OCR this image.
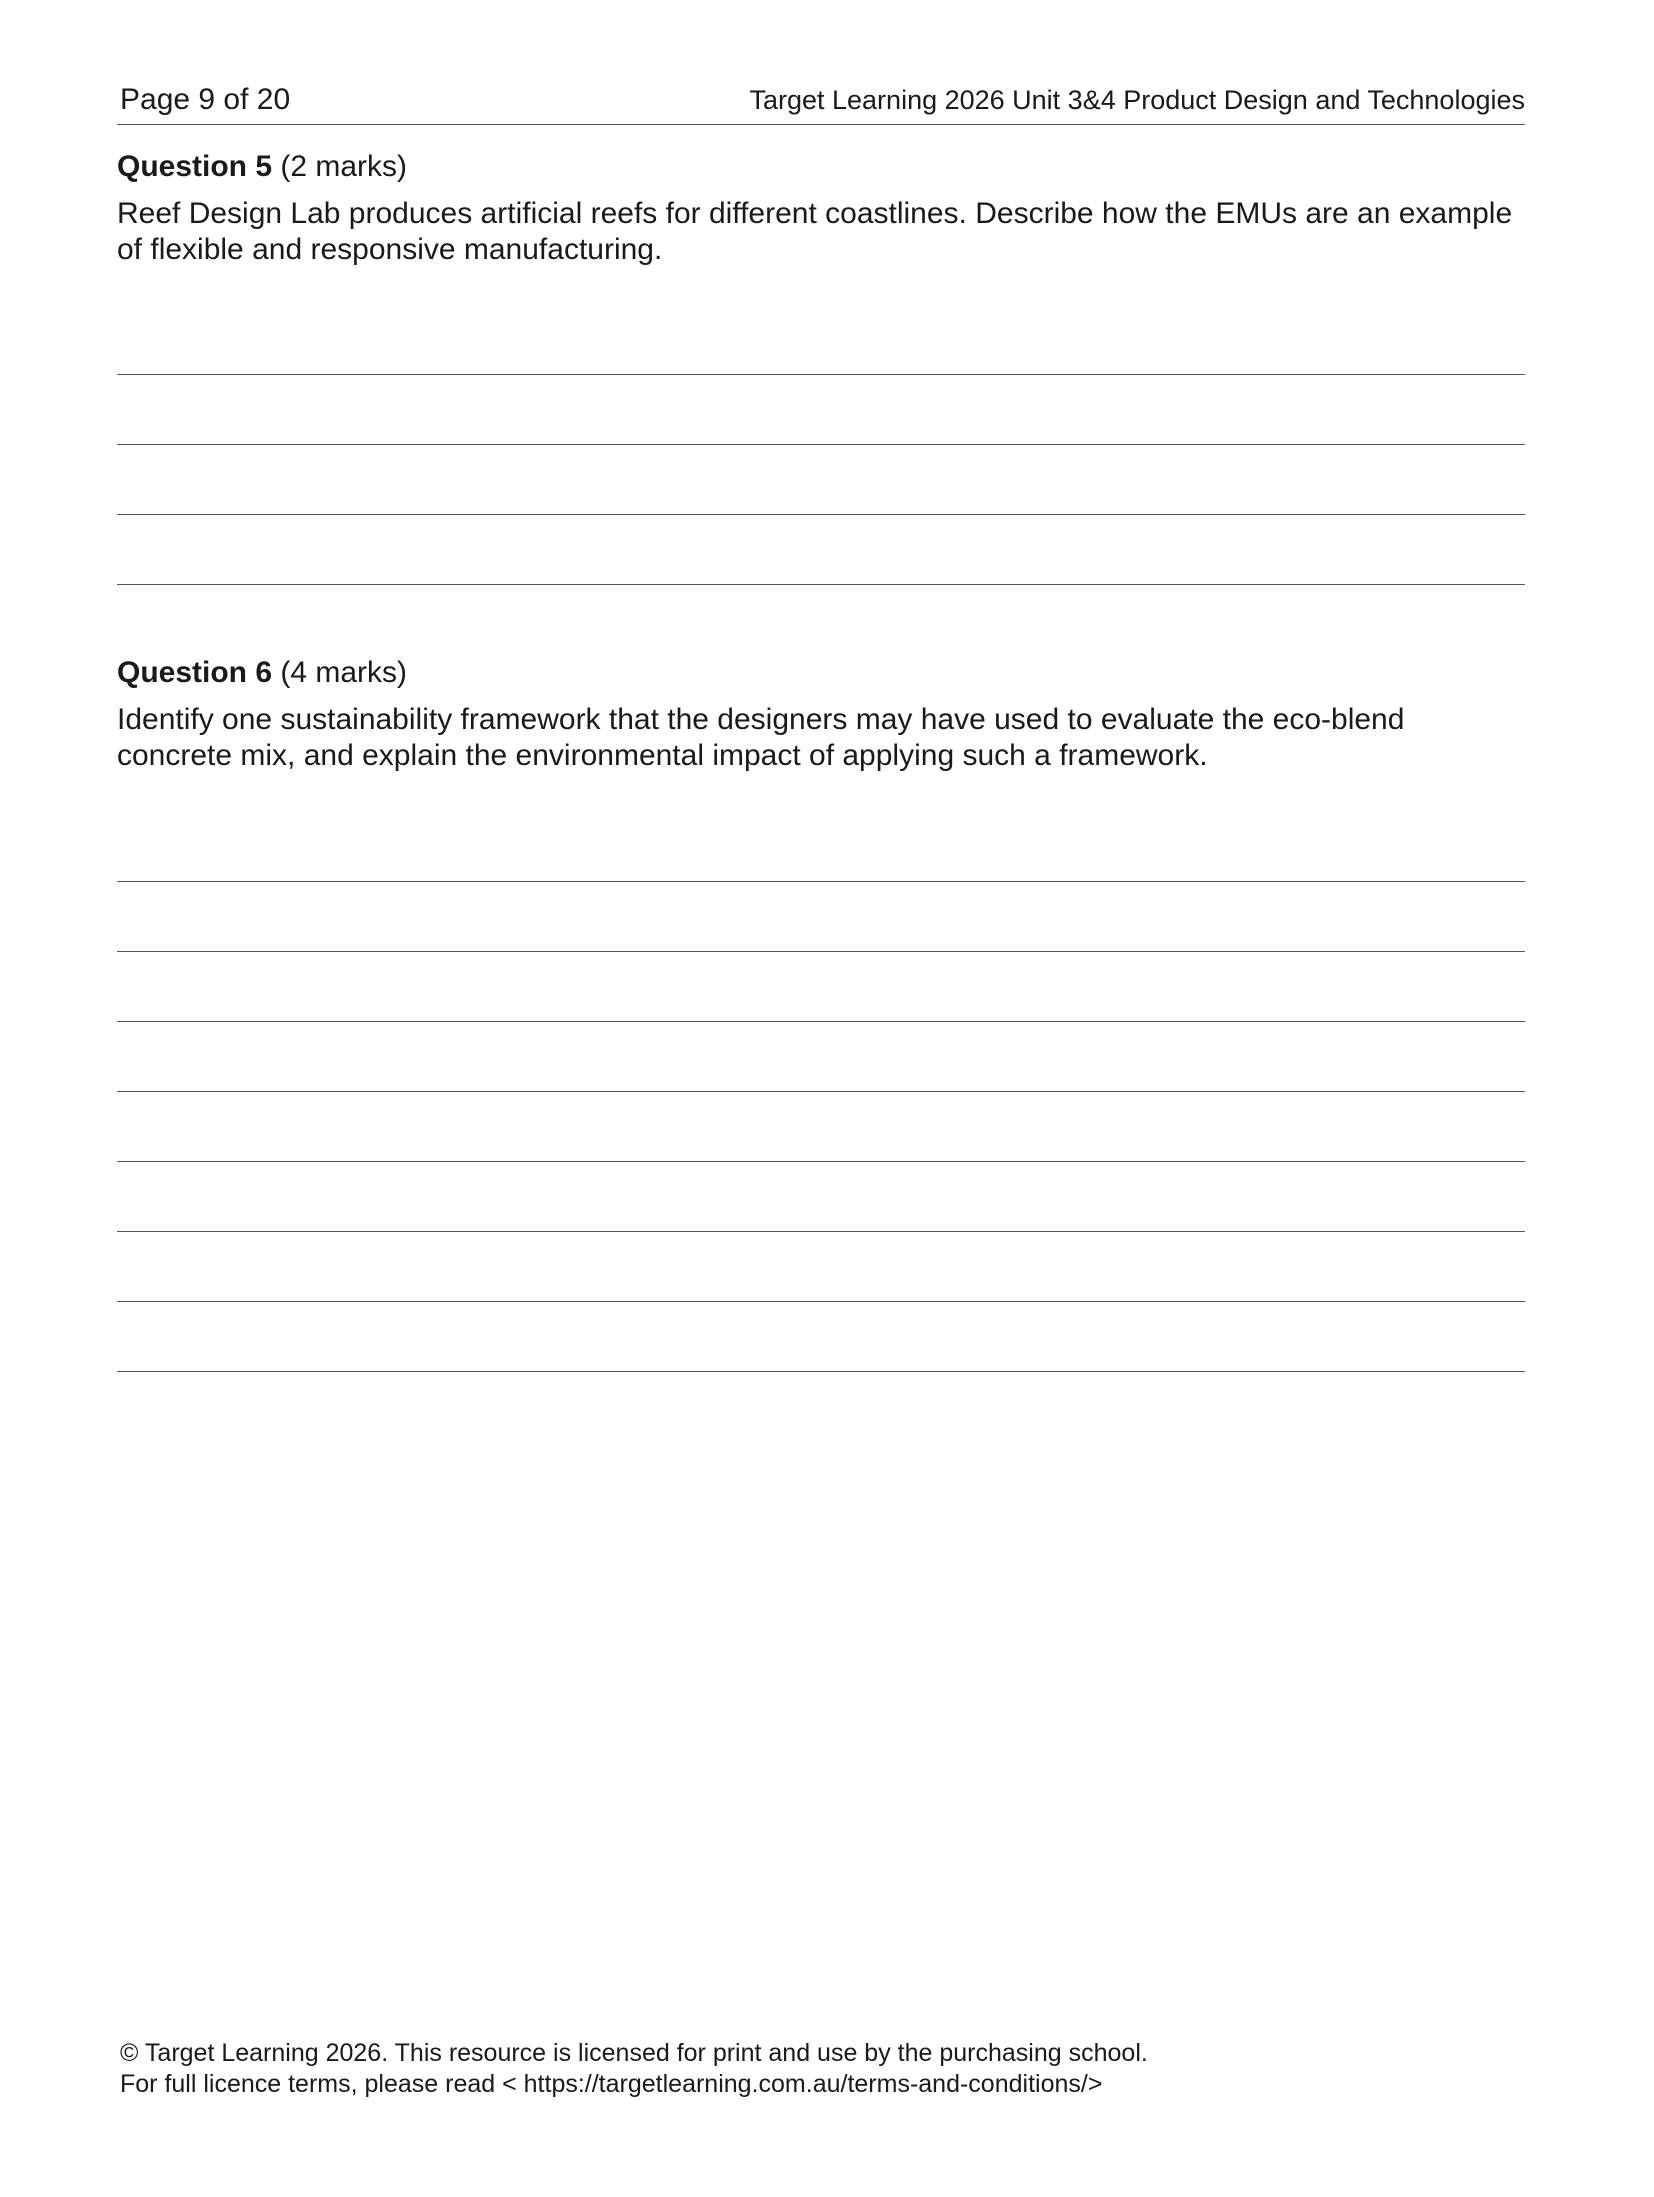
Page 9 of 20	Target Learning 2026 Unit 3&4 Product Design and Technologies

Question 5 (2 marks)

Reef Design Lab produces artificial reefs for different coastlines. Describe how the EMUs are an example of flexible and responsive manufacturing.

Question 6 (4 marks)

Identify one sustainability framework that the designers may have used to evaluate the eco-blend concrete mix, and explain the environmental impact of applying such a framework.

© Target Learning 2026. This resource is licensed for print and use by the purchasing school.
For full licence terms, please read < https://targetlearning.com.au/terms-and-conditions/>
